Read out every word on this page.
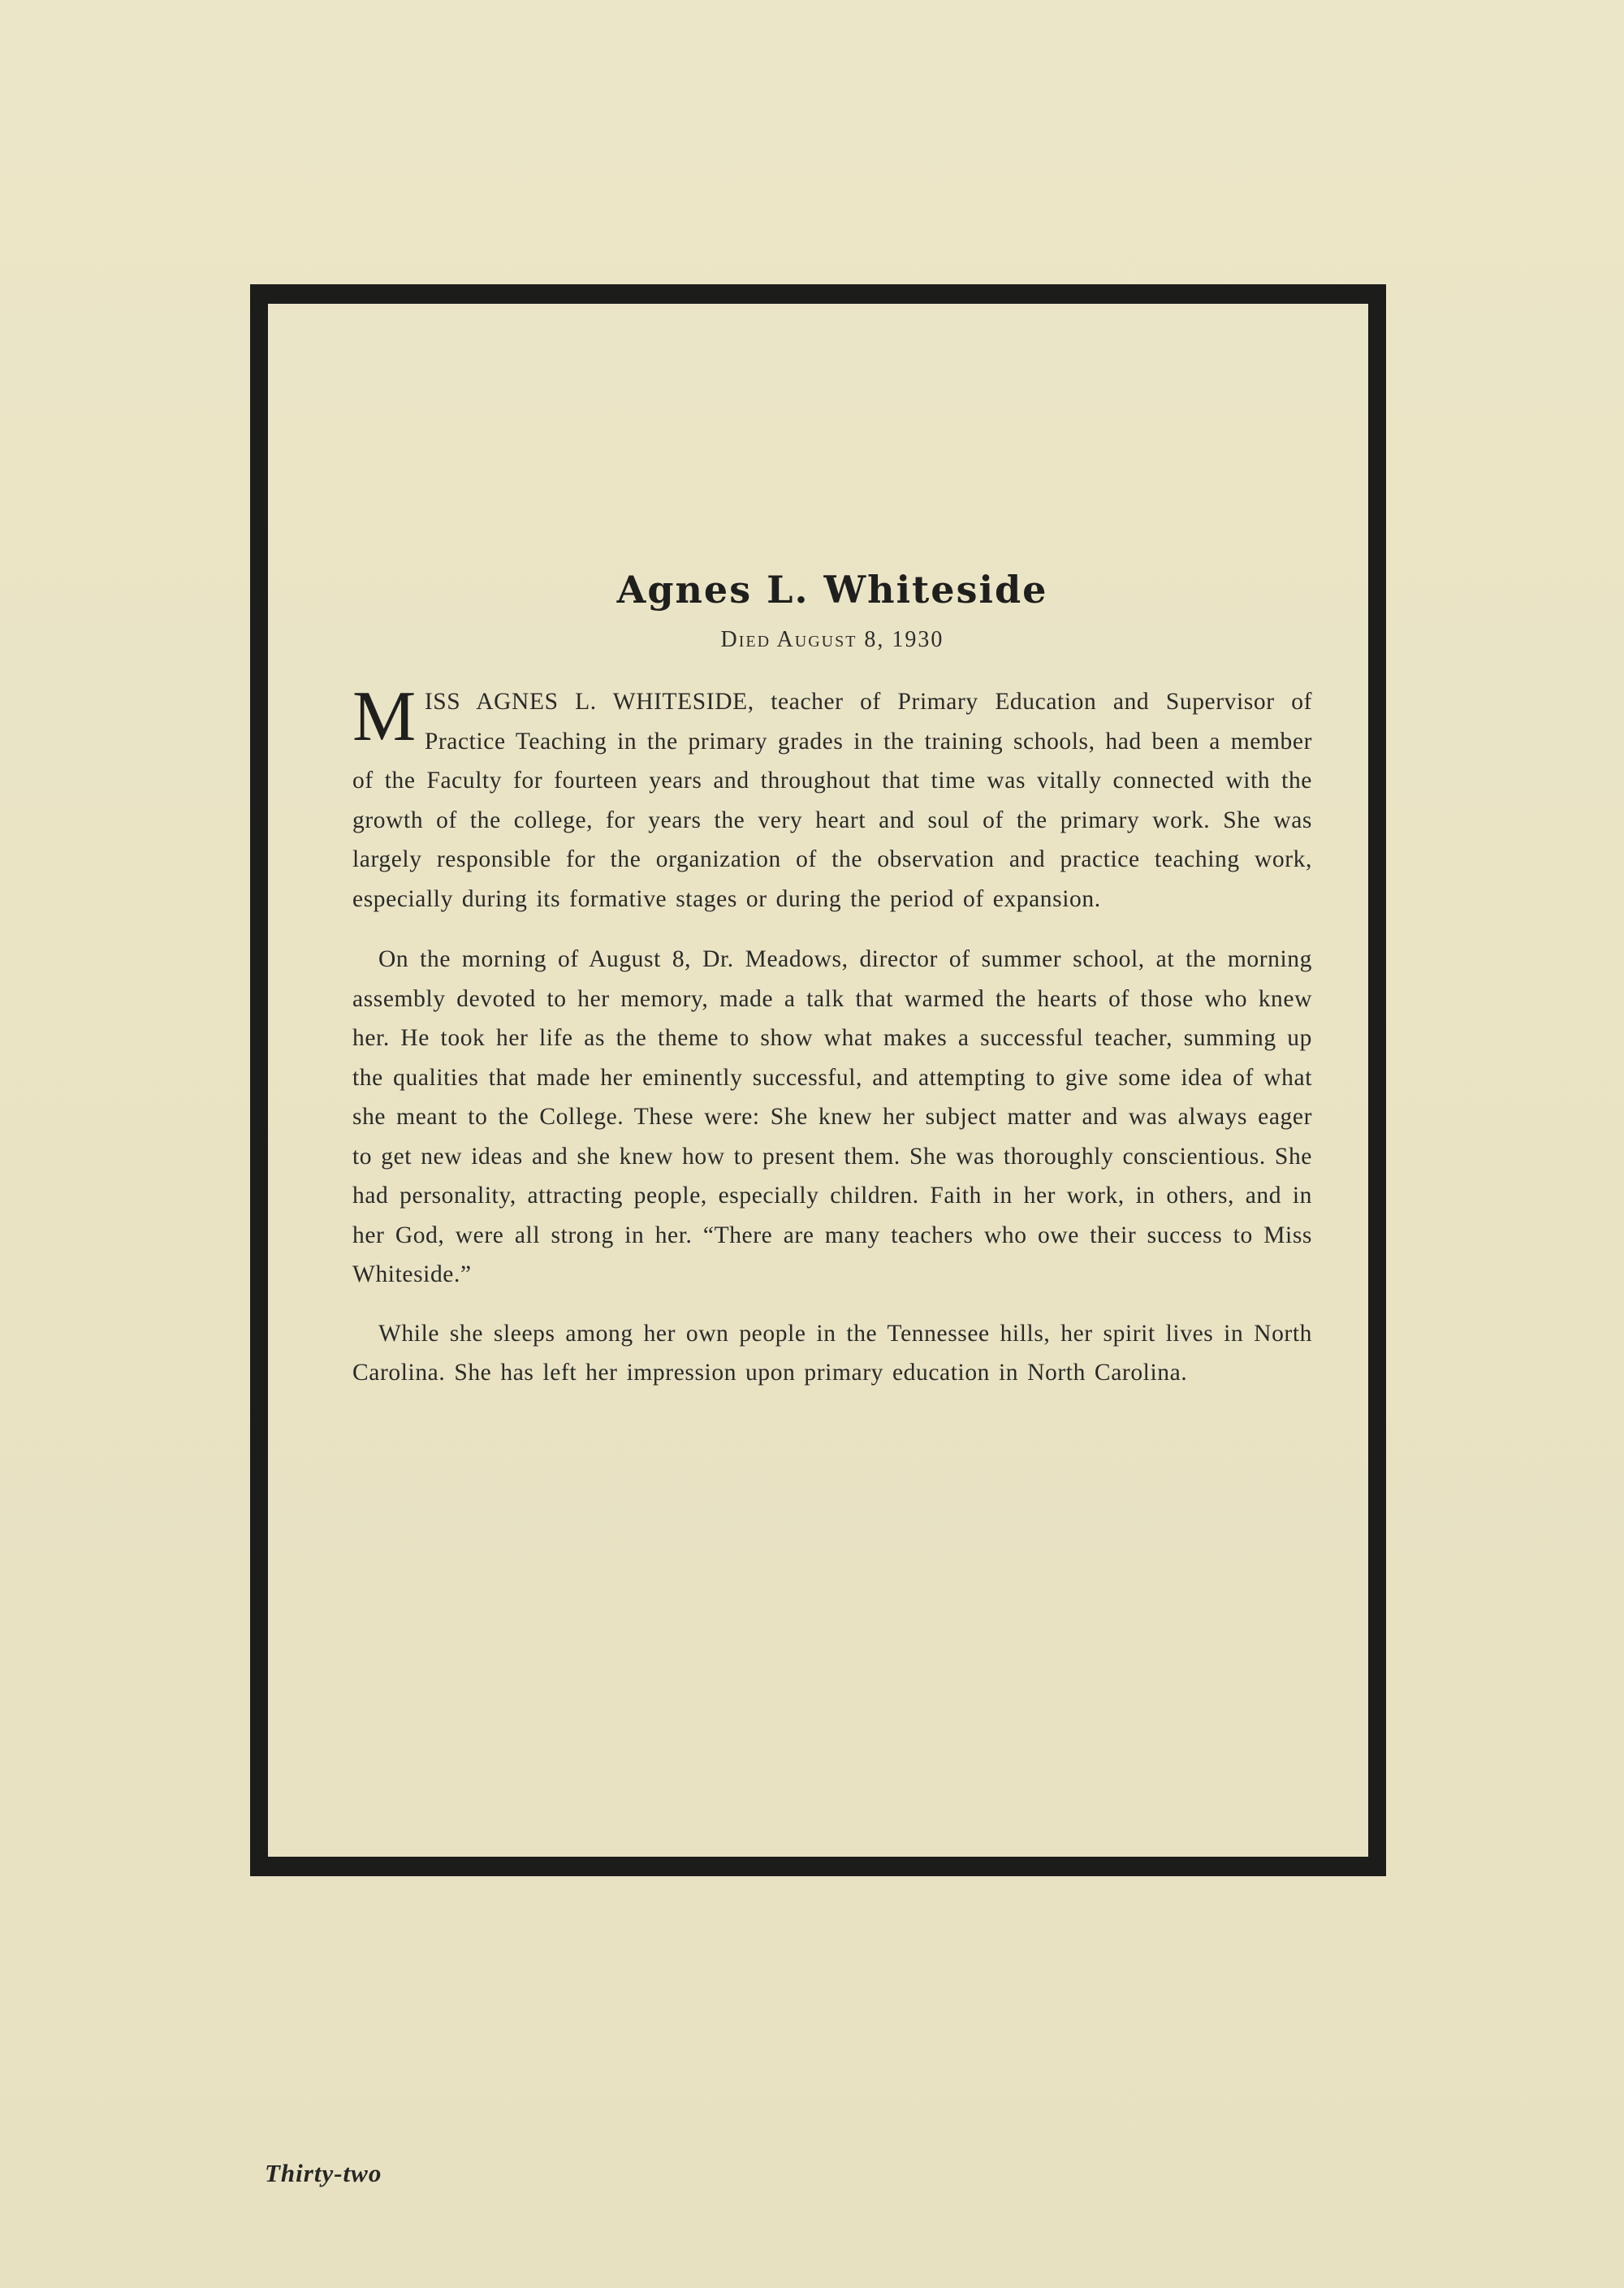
Agnes L. Whiteside

Died August 8, 1930

MISS AGNES L. WHITESIDE, teacher of Primary Education and Supervisor of Practice Teaching in the primary grades in the training schools, had been a member of the Faculty for fourteen years and throughout that time was vitally connected with the growth of the college, for years the very heart and soul of the primary work. She was largely responsible for the organization of the observation and practice teaching work, especially during its formative stages or during the period of expansion.

On the morning of August 8, Dr. Meadows, director of summer school, at the morning assembly devoted to her memory, made a talk that warmed the hearts of those who knew her. He took her life as the theme to show what makes a successful teacher, summing up the qualities that made her eminently successful, and attempting to give some idea of what she meant to the College. These were: She knew her subject matter and was always eager to get new ideas and she knew how to present them. She was thoroughly conscientious. She had personality, attracting people, especially children. Faith in her work, in others, and in her God, were all strong in her. “There are many teachers who owe their success to Miss Whiteside.”

While she sleeps among her own people in the Tennessee hills, her spirit lives in North Carolina. She has left her impression upon primary education in North Carolina.

Thirty-two
